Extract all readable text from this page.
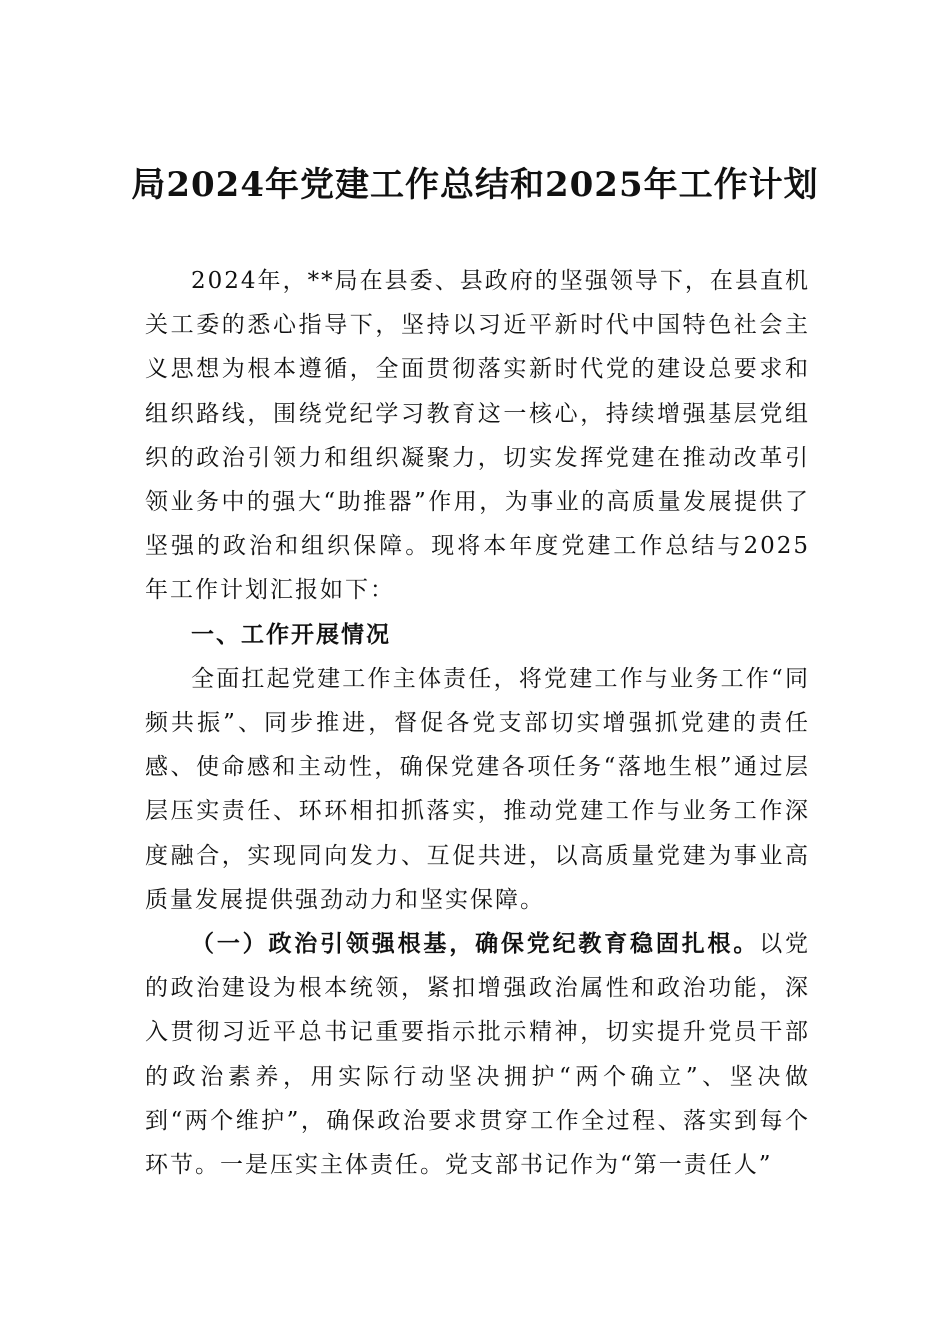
局2024年党建工作总结和2025年工作计划

2024年，**局在县委、县政府的坚强领导下，在县直机关工委的悉心指导下，坚持以习近平新时代中国特色社会主义思想为根本遵循，全面贯彻落实新时代党的建设总要求和组织路线，围绕党纪学习教育这一核心，持续增强基层党组织的政治引领力和组织凝聚力，切实发挥党建在推动改革引领业务中的强大“助推器”作用，为事业的高质量发展提供了坚强的政治和组织保障。现将本年度党建工作总结与2025年工作计划汇报如下：

一、工作开展情况

全面扛起党建工作主体责任，将党建工作与业务工作“同频共振”、同步推进，督促各党支部切实增强抓党建的责任感、使命感和主动性，确保党建各项任务“落地生根”通过层层压实责任、环环相扣抓落实，推动党建工作与业务工作深度融合，实现同向发力、互促共进，以高质量党建为事业高质量发展提供强劲动力和坚实保障。

（一）政治引领强根基，确保党纪教育稳固扎根。以党的政治建设为根本统领，紧扣增强政治属性和政治功能，深入贯彻习近平总书记重要指示批示精神，切实提升党员干部的政治素养，用实际行动坚决拥护“两个确立”、坚决做到“两个维护”，确保政治要求贯穿工作全过程、落实到每个环节。一是压实主体责任。党支部书记作为“第一责任人”
